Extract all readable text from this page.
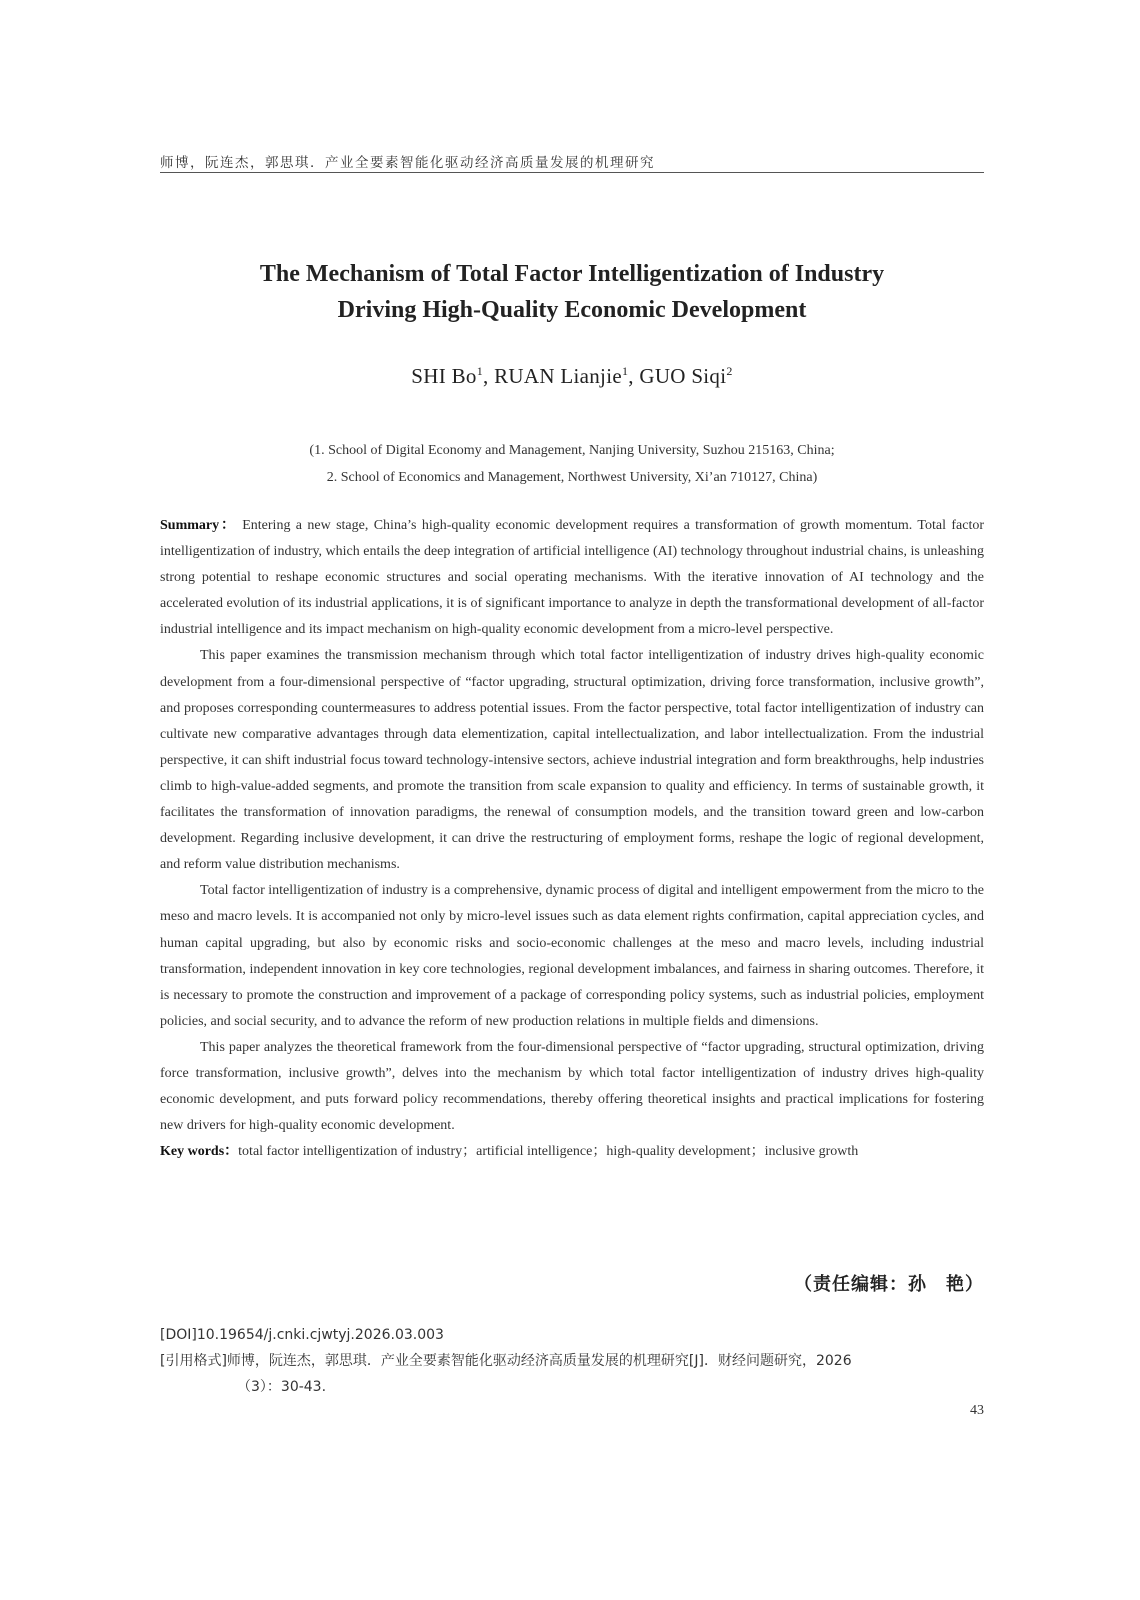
师博，阮连杰，郭思琪．产业全要素智能化驱动经济高质量发展的机理研究
The Mechanism of Total Factor Intelligentization of Industry
Driving High-Quality Economic Development
SHI Bo$^1$, RUAN Lianjie$^1$, GUO Siqi$^2$
(1. School of Digital Economy and Management, Nanjing University, Suzhou 215163, China;
2. School of Economics and Management, Northwest University, Xi’an 710127, China)

Summary： Entering a new stage, China’s high-quality economic development requires a transformation of growth momentum. Total factor intelligentization of industry, which entails the deep integration of artificial intelligence (AI) technology throughout industrial chains, is unleashing strong potential to reshape economic structures and social operating mechanisms. With the iterative innovation of AI technology and the accelerated evolution of its industrial applications, it is of significant importance to analyze in depth the transformational development of all-factor industrial intelligence and its impact mechanism on high-quality economic development from a micro-level perspective.

This paper examines the transmission mechanism through which total factor intelligentization of industry drives high-quality economic development from a four-dimensional perspective of “factor upgrading, structural optimization, driving force transformation, inclusive growth”, and proposes corresponding countermeasures to address potential issues. From the factor perspective, total factor intelligentization of industry can cultivate new comparative advantages through data elementization, capital intellectualization, and labor intellectualization. From the industrial perspective, it can shift industrial focus toward technology-intensive sectors, achieve industrial integration and form breakthroughs, help industries climb to high-value-added segments, and promote the transition from scale expansion to quality and efficiency. In terms of sustainable growth, it facilitates the transformation of innovation paradigms, the renewal of consumption models, and the transition toward green and low-carbon development. Regarding inclusive development, it can drive the restructuring of employment forms, reshape the logic of regional development, and reform value distribution mechanisms.

Total factor intelligentization of industry is a comprehensive, dynamic process of digital and intelligent empowerment from the micro to the meso and macro levels. It is accompanied not only by micro-level issues such as data element rights confirmation, capital appreciation cycles, and human capital upgrading, but also by economic risks and socio-economic challenges at the meso and macro levels, including industrial transformation, independent innovation in key core technologies, regional development imbalances, and fairness in sharing outcomes. Therefore, it is necessary to promote the construction and improvement of a package of corresponding policy systems, such as industrial policies, employment policies, and social security, and to advance the reform of new production relations in multiple fields and dimensions.

This paper analyzes the theoretical framework from the four-dimensional perspective of “factor upgrading, structural optimization, driving force transformation, inclusive growth”, delves into the mechanism by which total factor intelligentization of industry drives high-quality economic development, and puts forward policy recommendations, thereby offering theoretical insights and practical implications for fostering new drivers for high-quality economic development.

Key words：total factor intelligentization of industry；artificial intelligence；high-quality development；inclusive growth

（责任编辑：孙　艳）
[DOI]10.19654/j.cnki.cjwtyj.2026.03.003
[引用格式]师博，阮连杰，郭思琪．产业全要素智能化驱动经济高质量发展的机理研究[J]．财经问题研究，2026
（3）：30-43.
43
